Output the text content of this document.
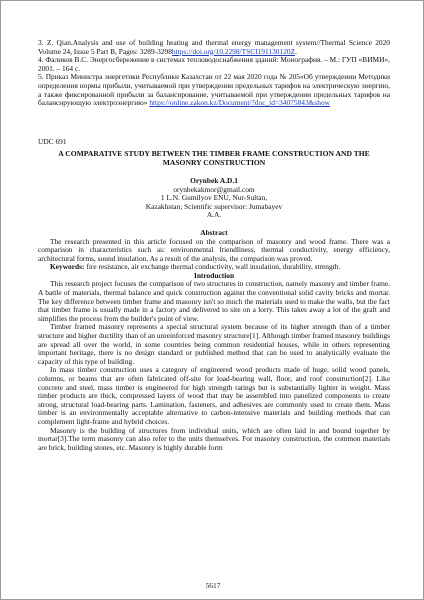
3. Z. Qian.Analysis and use of building heating and thermal energy management system//Thermal Science 2020 Volume 24, Issue 5 Part B, Pages: 3289-3298https://doi.org/10.2298/TSCI191130120Z.

4. Фаликов В.С. Энергосбережение в системах тепловодоснабжения зданий: Монография. – М.: ГУП «ВИМИ», 2001. – 164 с.

5. Приказ Министра энергетики Республики Казахстан от 22 мая 2020 года № 205«Об утверждении Методики определения нормы прибыли, учитываемой при утверждении предельных тарифов на электрическую энергию, а также фиксированной прибыли за балансирование, учитываемой при утверждении предельных тарифов на балансирующую электроэнергию» https://online.zakon.kz/Document/?doc_id=34075843&show

UDC 691

A COMPARATIVE STUDY BETWEEN THE TIMBER FRAME CONSTRUCTION AND THE MASONRY CONSTRUCTION

Orynbek A.D.1

orynbekakmor@gmail.com

1 L.N. Gumilyov ENU, Nur-Sultan,

Kazakhstan; Scientific supervisor: Jumabayev

A.A.

Abstract

The research presented in this article focused on the comparison of masonry and wood frame. There was a comparison in characteristics such as: environmental friendliness, thermal conductivity, energy efficiency, architectural forms, sound insulation. As a result of the analysis, the comparison was proved.

Keywords: fire resistance, air exchange thermal conductivity, wall insulation, durability, strength.

Introduction

This research project focuses the comparison of two structures in construction, namely masonry and timber frame. A battle of materials, thermal balance and quick construction against the conventional solid cavity bricks and mortar. The key difference between timber frame and masonry isn't so much the materials used to make the walls, but the fact that timber frame is usually made in a factory and delivered to site on a lorry. This takes away a lot of the graft and simplifies the process from the builder's point of view.

Timber framed masonry represents a special structural system because of its higher strength than of a timber structure and higher ductility than of an unreinforced masonry structure[1]. Although timber framed masonry buildings are spread all over the world, in some countries being common residential houses, while in others representing important heritage, there is no design standard or published method that can be used to analytically evaluate the capacity of this type of building.

In mass timber construction uses a category of engineered wood products made of huge, solid wood panels, columns, or beams that are often fabricated off-site for load-bearing wall, floor, and roof construction[2]. Like concrete and steel, mass timber is engineered for high strength ratings but is substantially lighter in weight. Mass timber products are thick, compressed layers of wood that may be assembled into panelized components to create strong, structural load-bearing parts. Lamination, fasteners, and adhesives are commonly used to create them. Mass timber is an environmentally acceptable alternative to carbon-intensive materials and building methods that can complement light-frame and hybrid choices.

Masonry is the building of structures from individual units, which are often laid in and bound together by mortar[3].The term masonry can also refer to the units themselves. For masonry construction, the common materials are brick, building stones, etc. Masonry is highly durable form

5617
